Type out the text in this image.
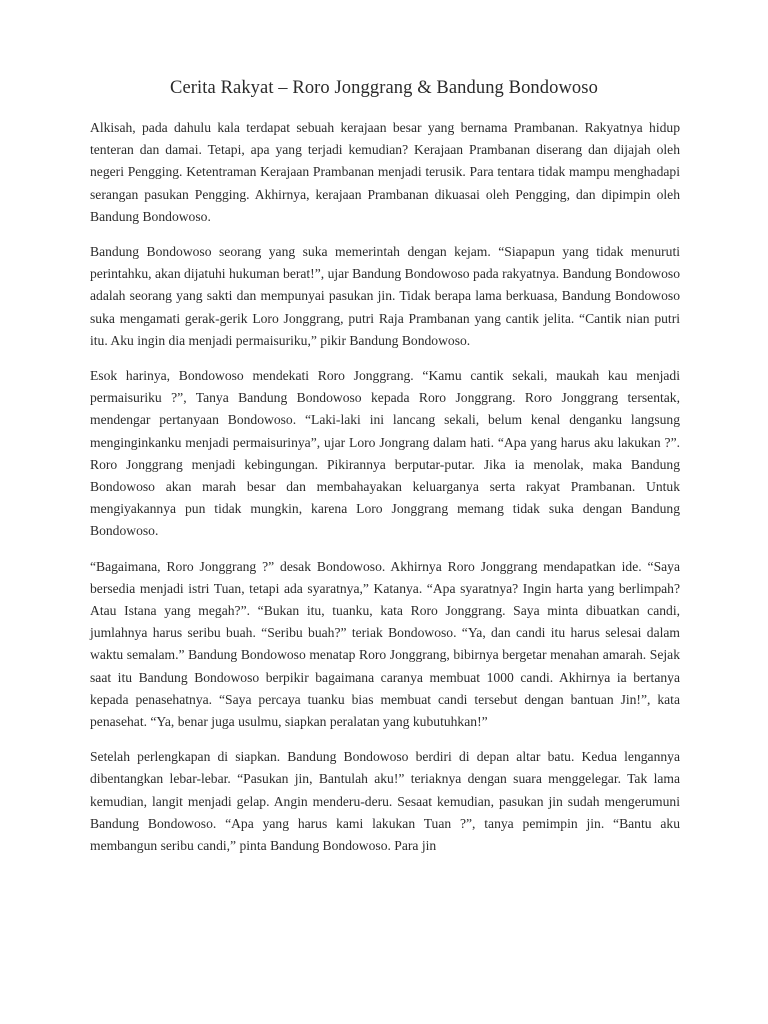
Cerita Rakyat – Roro Jonggrang & Bandung Bondowoso

Alkisah, pada dahulu kala terdapat sebuah kerajaan besar yang bernama Prambanan. Rakyatnya hidup tenteran dan damai. Tetapi, apa yang terjadi kemudian? Kerajaan Prambanan diserang dan dijajah oleh negeri Pengging. Ketentraman Kerajaan Prambanan menjadi terusik. Para tentara tidak mampu menghadapi serangan pasukan Pengging. Akhirnya, kerajaan Prambanan dikuasai oleh Pengging, dan dipimpin oleh Bandung Bondowoso.

Bandung Bondowoso seorang yang suka memerintah dengan kejam. “Siapapun yang tidak menuruti perintahku, akan dijatuhi hukuman berat!”, ujar Bandung Bondowoso pada rakyatnya. Bandung Bondowoso adalah seorang yang sakti dan mempunyai pasukan jin. Tidak berapa lama berkuasa, Bandung Bondowoso suka mengamati gerak-gerik Loro Jonggrang, putri Raja Prambanan yang cantik jelita. “Cantik nian putri itu. Aku ingin dia menjadi permaisuriku,” pikir Bandung Bondowoso.

Esok harinya, Bondowoso mendekati Roro Jonggrang. “Kamu cantik sekali, maukah kau menjadi permaisuriku ?”, Tanya Bandung Bondowoso kepada Roro Jonggrang. Roro Jonggrang tersentak, mendengar pertanyaan Bondowoso. “Laki-laki ini lancang sekali, belum kenal denganku langsung menginginkanku menjadi permaisurinya”, ujar Loro Jongrang dalam hati. “Apa yang harus aku lakukan ?”. Roro Jonggrang menjadi kebingungan. Pikirannya berputar-putar. Jika ia menolak, maka Bandung Bondowoso akan marah besar dan membahayakan keluarganya serta rakyat Prambanan. Untuk mengiyakannya pun tidak mungkin, karena Loro Jonggrang memang tidak suka dengan Bandung Bondowoso.

“Bagaimana, Roro Jonggrang ?” desak Bondowoso. Akhirnya Roro Jonggrang mendapatkan ide. “Saya bersedia menjadi istri Tuan, tetapi ada syaratnya,” Katanya. “Apa syaratnya? Ingin harta yang berlimpah? Atau Istana yang megah?”. “Bukan itu, tuanku, kata Roro Jonggrang. Saya minta dibuatkan candi, jumlahnya harus seribu buah. “Seribu buah?” teriak Bondowoso. “Ya, dan candi itu harus selesai dalam waktu semalam.” Bandung Bondowoso menatap Roro Jonggrang, bibirnya bergetar menahan amarah. Sejak saat itu Bandung Bondowoso berpikir bagaimana caranya membuat 1000 candi. Akhirnya ia bertanya kepada penasehatnya. “Saya percaya tuanku bias membuat candi tersebut dengan bantuan Jin!”, kata penasehat. “Ya, benar juga usulmu, siapkan peralatan yang kubutuhkan!”

Setelah perlengkapan di siapkan. Bandung Bondowoso berdiri di depan altar batu. Kedua lengannya dibentangkan lebar-lebar. “Pasukan jin, Bantulah aku!” teriaknya dengan suara menggelegar. Tak lama kemudian, langit menjadi gelap. Angin menderu-deru. Sesaat kemudian, pasukan jin sudah mengerumuni Bandung Bondowoso. “Apa yang harus kami lakukan Tuan ?”, tanya pemimpin jin. “Bantu aku membangun seribu candi,” pinta Bandung Bondowoso. Para jin
